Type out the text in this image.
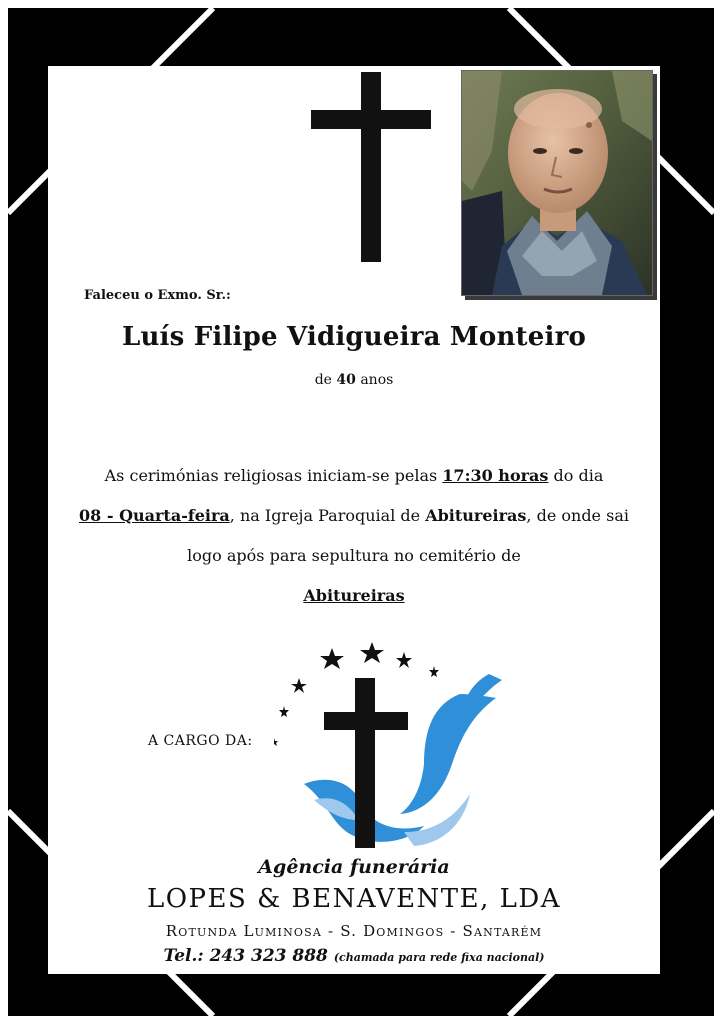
Faleceu o Exmo. Sr.:
Luís Filipe Vidigueira Monteiro
de 40 anos
As cerimónias religiosas iniciam-se pelas 17:30 horas do dia
08 - Quarta-feira, na Igreja Paroquial de Abitureiras, de onde sai logo após para sepultura no cemitério de
Abitureiras
A CARGO DA:
Agência funerária
LOPES & BENAVENTE, LDA
Rotunda Luminosa - S. Domingos - Santarém
Tel.: 243 323 888 (chamada para rede fixa nacional)
